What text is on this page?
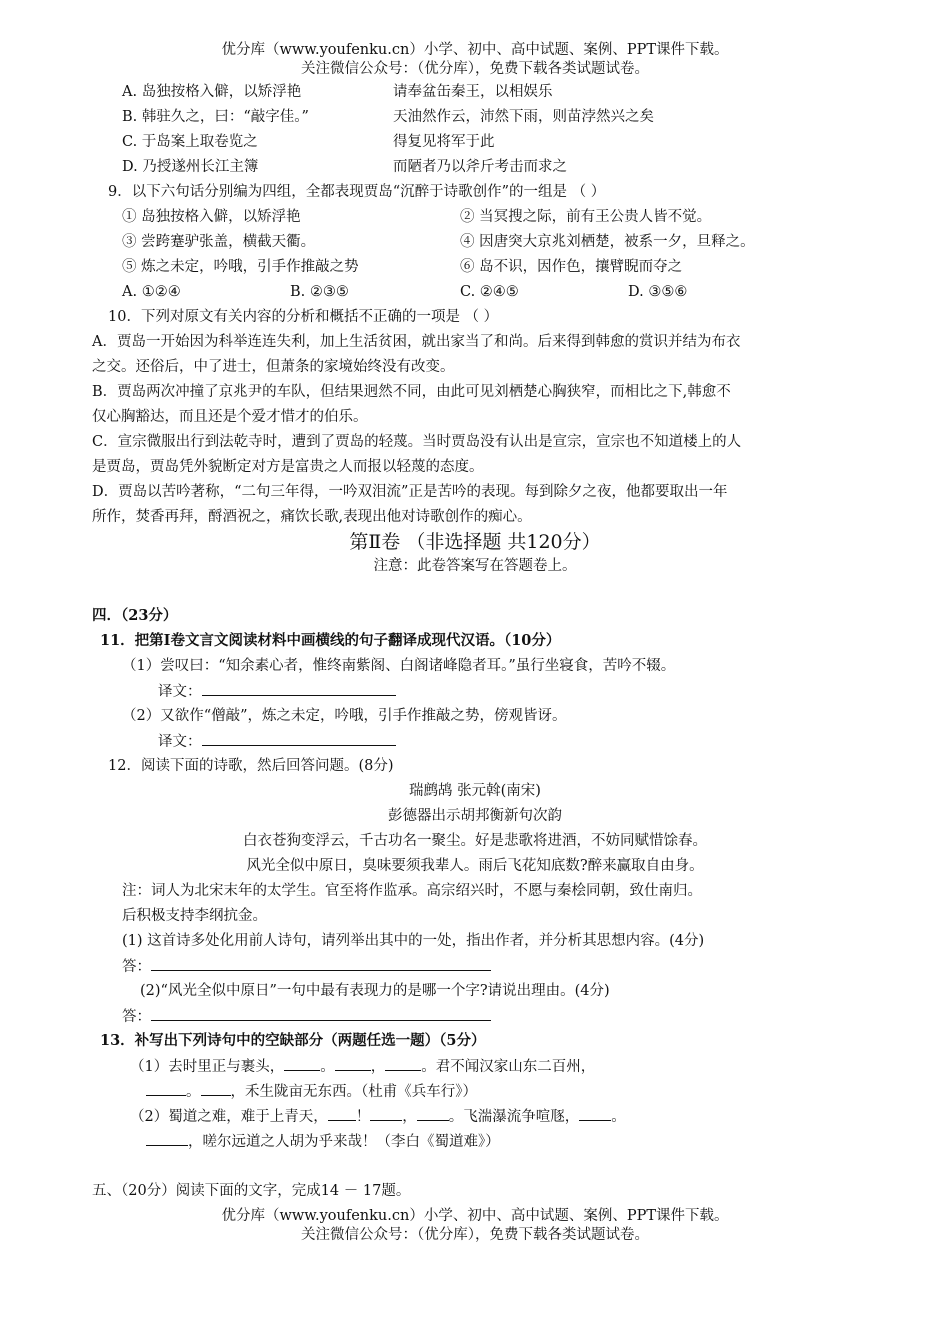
优分库（www.youfenku.cn）小学、初中、高中试题、案例、PPT课件下载。
关注微信公众号：（优分库），免费下载各类试题试卷。
A. 岛独按格入僻，以矫浮艳	请奉盆缶秦王，以相娱乐
B. 韩驻久之，曰：“敲字佳。”	天油然作云，沛然下雨，则苗浡然兴之矣
C. 于岛案上取卷览之	得复见将军于此
D. 乃授遂州长江主簿	而陋者乃以斧斤考击而求之
9．以下六句话分别编为四组，全都表现贾岛“沉醉于诗歌创作”的一组是 （ ）
① 岛独按格入僻，以矫浮艳	② 当冥搜之际，前有王公贵人皆不觉。
③ 尝跨蹇驴张盖，横截天衢。	④ 因唐突大京兆刘栖楚，被系一夕，旦释之。
⑤ 炼之未定，吟哦，引手作推敲之势	⑥ 岛不识，因作色，攘臂睨而夺之
A. ①②④	B. ②③⑤	C. ②④⑤	D. ③⑤⑥
10．下列对原文有关内容的分析和概括不正确的一项是 （ ）
A．贾岛一开始因为科举连连失利，加上生活贫困，就出家当了和尚。后来得到韩愈的赏识并结为布衣
之交。还俗后，中了进士，但萧条的家境始终没有改变。
B．贾岛两次冲撞了京兆尹的车队，但结果迥然不同，由此可见刘栖楚心胸狭窄，而相比之下,韩愈不
仅心胸豁达，而且还是个爱才惜才的伯乐。
C．宣宗微服出行到法乾寺时，遭到了贾岛的轻蔑。当时贾岛没有认出是宣宗，宣宗也不知道楼上的人
是贾岛，贾岛凭外貌断定对方是富贵之人而报以轻蔑的态度。
D．贾岛以苦吟著称，“二句三年得，一吟双泪流”正是苦吟的表现。每到除夕之夜，他都要取出一年
所作，焚香再拜，酹酒祝之，痛饮长歌,表现出他对诗歌创作的痴心。
第Ⅱ卷 （非选择题 共120分）
注意：此卷答案写在答题卷上。
四．（23分）
11．把第Ⅰ卷文言文阅读材料中画横线的句子翻译成现代汉语。（10分）
（1）尝叹曰：“知余素心者，惟终南紫阁、白阁诸峰隐者耳。”虽行坐寝食，苦吟不辍。
译文：
（2）又欲作“僧敲”，炼之未定，吟哦，引手作推敲之势，傍观皆讶。
译文：
12．阅读下面的诗歌，然后回答问题。(8分)
瑞鹧鸪 张元斡(南宋)
彭德器出示胡邦衡新句次韵
白衣苍狗变浮云，千古功名一聚尘。好是悲歌将进酒，不妨同赋惜馀春。
风光全似中原日，臭味要须我辈人。雨后飞花知底数?醉来赢取自由身。
注：词人为北宋末年的太学生。官至将作监承。高宗绍兴时，不愿与秦桧同朝，致仕南归。
后积极支持李纲抗金。
(1) 这首诗多处化用前人诗句，请列举出其中的一处，指出作者，并分析其思想内容。(4分)
答：
(2)“风光全似中原日”一句中最有表现力的是哪一个字?请说出理由。(4分)
答：
13．补写出下列诗句中的空缺部分（两题任选一题）（5分）
（1）去时里正与裹头， 。 ， 。君不闻汉家山东二百州，
。 ，禾生陇亩无东西。（杜甫《兵车行》）
（2）蜀道之难，难于上青天， ！ ， 。飞湍瀑流争喧豗， 。
，嗟尔远道之人胡为乎来哉！（李白《蜀道难》）
五、（20分）阅读下面的文字，完成14 － 17题。
优分库（www.youfenku.cn）小学、初中、高中试题、案例、PPT课件下载。
关注微信公众号：（优分库），免费下载各类试题试卷。
